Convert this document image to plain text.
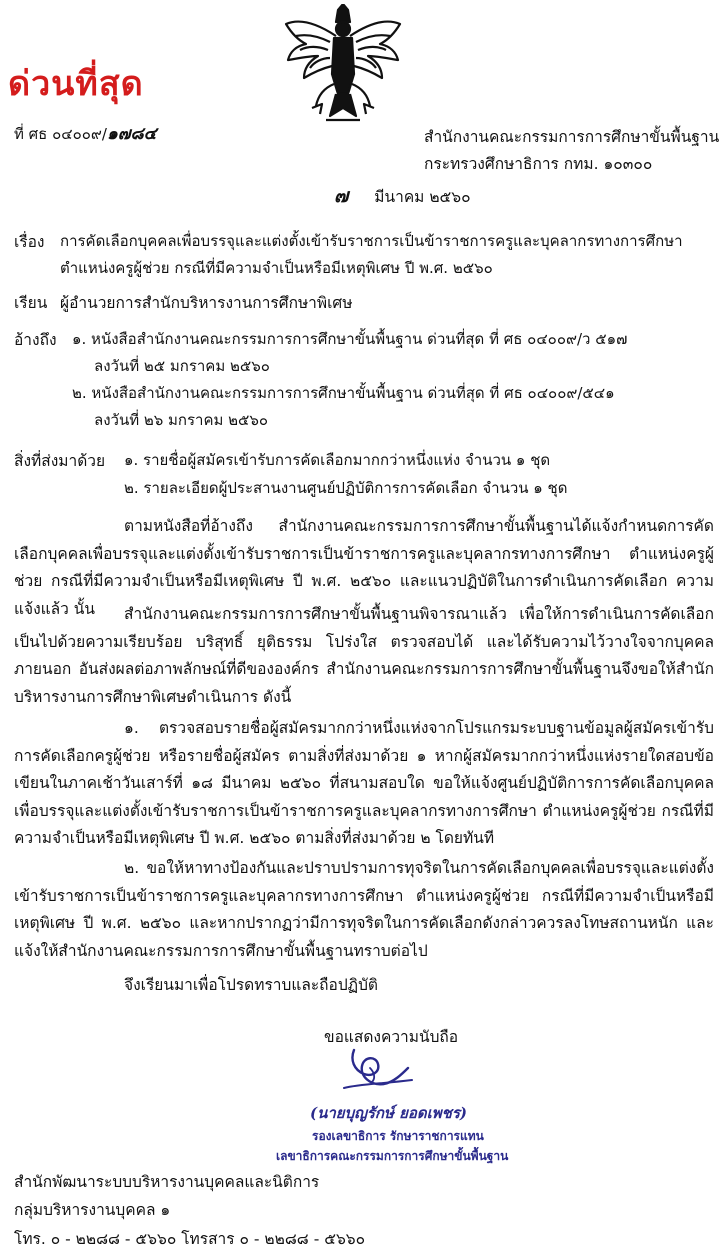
ด่วนที่สุด
ที่ ศธ ๐๔๐๐๙/๑๗๘๔	สำนักงานคณะกรรมการการศึกษาขั้นพื้นฐาน
กระทรวงศึกษาธิการ กทม. ๑๐๓๐๐
๗ มีนาคม ๒๕๖๐
เรื่อง การคัดเลือกบุคคลเพื่อบรรจุและแต่งตั้งเข้ารับราชการเป็นข้าราชการครูและบุคลากรทางการศึกษา
ตำแหน่งครูผู้ช่วย กรณีที่มีความจำเป็นหรือมีเหตุพิเศษ ปี พ.ศ. ๒๕๖๐
เรียน ผู้อำนวยการสำนักบริหารงานการศึกษาพิเศษ
อ้างถึง ๑. หนังสือสำนักงานคณะกรรมการการศึกษาขั้นพื้นฐาน ด่วนที่สุด ที่ ศธ ๐๔๐๐๙/ว ๕๑๗
ลงวันที่ ๒๕ มกราคม ๒๕๖๐
๒. หนังสือสำนักงานคณะกรรมการการศึกษาขั้นพื้นฐาน ด่วนที่สุด ที่ ศธ ๐๔๐๐๙/๕๔๑
ลงวันที่ ๒๖ มกราคม ๒๕๖๐
สิ่งที่ส่งมาด้วย ๑. รายชื่อผู้สมัครเข้ารับการคัดเลือกมากกว่าหนึ่งแห่ง จำนวน ๑ ชุด
๒. รายละเอียดผู้ประสานงานศูนย์ปฏิบัติการการคัดเลือก จำนวน ๑ ชุด
ตามหนังสือที่อ้างถึง สำนักงานคณะกรรมการการศึกษาขั้นพื้นฐานได้แจ้งกำหนดการคัดเลือกบุคคลเพื่อบรรจุและแต่งตั้งเข้ารับราชการเป็นข้าราชการครูและบุคลากรทางการศึกษา ตำแหน่งครูผู้ช่วย กรณีที่มีความจำเป็นหรือมีเหตุพิเศษ ปี พ.ศ. ๒๕๖๐ และแนวปฏิบัติในการดำเนินการคัดเลือก ความแจ้งแล้ว นั้น	สำนักงานคณะกรรมการการศึกษาขั้นพื้นฐานพิจารณาแล้ว เพื่อให้การดำเนินการคัดเลือกเป็นไปด้วยความเรียบร้อย บริสุทธิ์ ยุติธรรม โปร่งใส ตรวจสอบได้ และได้รับความไว้วางใจจากบุคคลภายนอก อันส่งผลต่อภาพลักษณ์ที่ดีขององค์กร สำนักงานคณะกรรมการการศึกษาขั้นพื้นฐานจึงขอให้สำนักบริหารงานการศึกษาพิเศษดำเนินการ ดังนี้
๑. ตรวจสอบรายชื่อผู้สมัครมากกว่าหนึ่งแห่งจากโปรแกรมระบบฐานข้อมูลผู้สมัครเข้ารับการคัดเลือกครูผู้ช่วย หรือรายชื่อผู้สมัคร ตามสิ่งที่ส่งมาด้วย ๑ หากผู้สมัครมากกว่าหนึ่งแห่งรายใดสอบข้อเขียนในภาคเช้าวันเสาร์ที่ ๑๘ มีนาคม ๒๕๖๐ ที่สนามสอบใด ขอให้แจ้งศูนย์ปฏิบัติการการคัดเลือกบุคคลเพื่อบรรจุและแต่งตั้งเข้ารับราชการเป็นข้าราชการครูและบุคลากรทางการศึกษา ตำแหน่งครูผู้ช่วย กรณีที่มีความจำเป็นหรือมีเหตุพิเศษ ปี พ.ศ. ๒๕๖๐ ตามสิ่งที่ส่งมาด้วย ๒ โดยทันที
๒. ขอให้หาทางป้องกันและปราบปรามการทุจริตในการคัดเลือกบุคคลเพื่อบรรจุและแต่งตั้งเข้ารับราชการเป็นข้าราชการครูและบุคลากรทางการศึกษา ตำแหน่งครูผู้ช่วย กรณีที่มีความจำเป็นหรือมีเหตุพิเศษ ปี พ.ศ. ๒๕๖๐ และหากปรากฏว่ามีการทุจริตในการคัดเลือกดังกล่าวควรลงโทษสถานหนัก และแจ้งให้สำนักงานคณะกรรมการการศึกษาขั้นพื้นฐานทราบต่อไป
จึงเรียนมาเพื่อโปรดทราบและถือปฏิบัติ
ขอแสดงความนับถือ
(นายบุญรักษ์ ยอดเพชร)
รองเลขาธิการ รักษาราชการแทน
เลขาธิการคณะกรรมการการศึกษาขั้นพื้นฐาน
สำนักพัฒนาระบบบริหารงานบุคคลและนิติการ
กลุ่มบริหารงานบุคคล ๑
โทร. ๐ - ๒๒๘๘ - ๕๖๖๐ โทรสาร ๐ - ๒๒๘๘ - ๕๖๖๐
